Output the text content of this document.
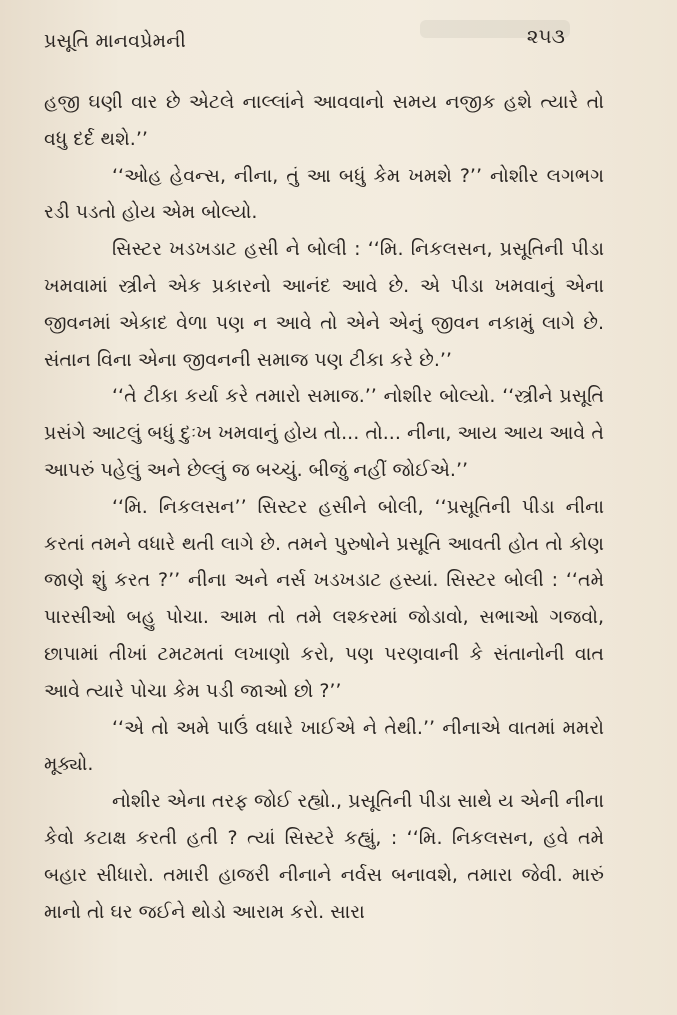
પ્રસૂતિ માનવપ્રેમની	૨૫૩

હજી ઘણી વાર છે એટલે નાલ્લાંને આવવાનો સમય નજીક હશે ત્યારે તો વધુ દર્દ થશે.’’

‘‘ઓહ હેવન્સ, નીના, તું આ બધું કેમ ખમશે ?’’ નોશીર લગભગ રડી પડતો હોય એમ બોલ્યો.

સિસ્ટર ખડખડાટ હસી ને બોલી : ‘‘મિ. નિકલસન, પ્રસૂતિની પીડા ખમવામાં સ્ત્રીને એક પ્રકારનો આનંદ આવે છે. એ પીડા ખમવાનું એના જીવનમાં એકાદ વેળા પણ ન આવે તો એને એનું જીવન નકામું લાગે છે. સંતાન વિના એના જીવનની સમાજ પણ ટીકા કરે છે.’’

‘‘તે ટીકા કર્યા કરે તમારો સમાજ.’’ નોશીર બોલ્યો. ‘‘સ્ત્રીને પ્રસૂતિ પ્રસંગે આટલું બધું દુઃખ ખમવાનું હોય તો... તો... નીના, આય આય આવે તે આપરું પહેલું અને છેલ્લું જ બચ્ચું. બીજું નહીં જોઈએ.’’

‘‘મિ. નિકલસન’’ સિસ્ટર હસીને બોલી, ‘‘પ્રસૂતિની પીડા નીના કરતાં તમને વધારે થતી લાગે છે. તમને પુરુષોને પ્રસૂતિ આવતી હોત તો કોણ જાણે શું કરત ?’’ નીના અને નર્સ ખડખડાટ હસ્યાં. સિસ્ટર બોલી : ‘‘તમે પારસીઓ બહુ પોચા. આમ તો તમે લશ્કરમાં જોડાવો, સભાઓ ગજવો, છાપામાં તીખાં ટમટમતાં લખાણો કરો, પણ પરણવાની કે સંતાનોની વાત આવે ત્યારે પોચા કેમ પડી જાઓ છો ?’’

‘‘એ તો અમે પાઉં વધારે ખાઈએ ને તેથી.’’ નીનાએ વાતમાં મમરો મૂક્યો.

નોશીર એના તરફ જોઈ રહ્યો., પ્રસૂતિની પીડા સાથે ય એની નીના કેવો કટાક્ષ કરતી હતી ? ત્યાં સિસ્ટરે કહ્યું, : ‘‘મિ. નિકલસન, હવે તમે બહાર સીધારો. તમારી હાજરી નીનાને નર્વસ બનાવશે, તમારા જેવી. મારું માનો તો ઘર જઈને થોડો આરામ કરો. સારા
